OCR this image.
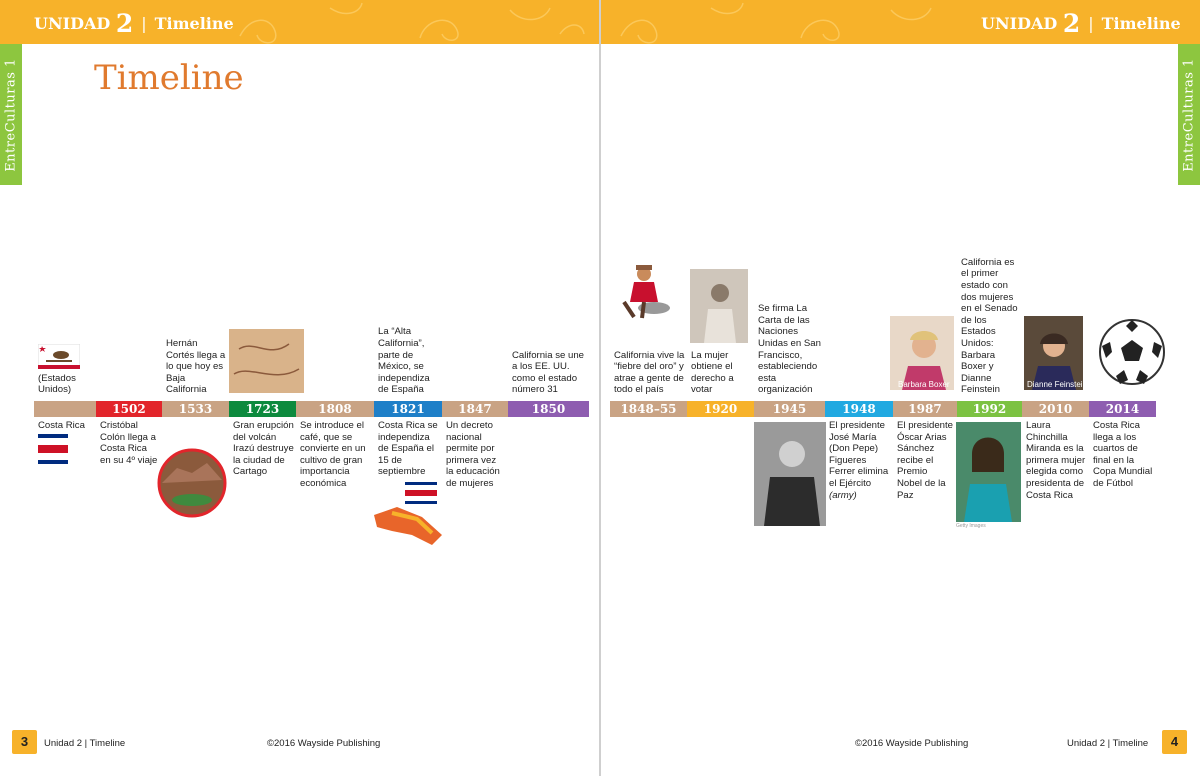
UNIDAD 2 | Timeline	UNIDAD 2 | Timeline
EntreCulturas 1	EntreCulturas 1
Timeline
(Estados Unidos)
Costa Rica
1502
Cristóbal Colón llega a Costa Rica en su 4º viaje
1533
Hernán Cortés llega a lo que hoy es Baja California
1723
Gran erupción del volcán Irazú destruye la ciudad de Cartago
1808
Se introduce el café, que se convierte en un cultivo de gran importancia económica
1821
La “Alta California”, parte de México, se independiza de España
Costa Rica se independiza de España el 15 de septiembre
1847
Un decreto nacional permite por primera vez la educación de mujeres
1850
California se une a los EE. UU. como el estado número 31
1848–55
California vive la “fiebre del oro” y atrae a gente de todo el país
1920
La mujer obtiene el derecho a votar
1945
Se firma La Carta de las Naciones Unidas en San Francisco, estableciendo esta organización
1948
El presidente José María (Don Pepe) Figueres Ferrer elimina el Ejército (army)
1987
El presidente Óscar Arias Sánchez recibe el Premio Nobel de la Paz
1992
California es el primer estado con dos mujeres en el Senado de los Estados Unidos: Barbara Boxer y Dianne Feinstein
2010
Laura Chinchilla Miranda es la primera mujer elegida como presidenta de Costa Rica
2014
Costa Rica llega a los cuartos de final en la Copa Mundial de Fútbol
Barbara Boxer	Dianne Feinstein
Getty Images
3	Unidad 2 | Timeline	©2016 Wayside Publishing	©2016 Wayside Publishing	Unidad 2 | Timeline	4
